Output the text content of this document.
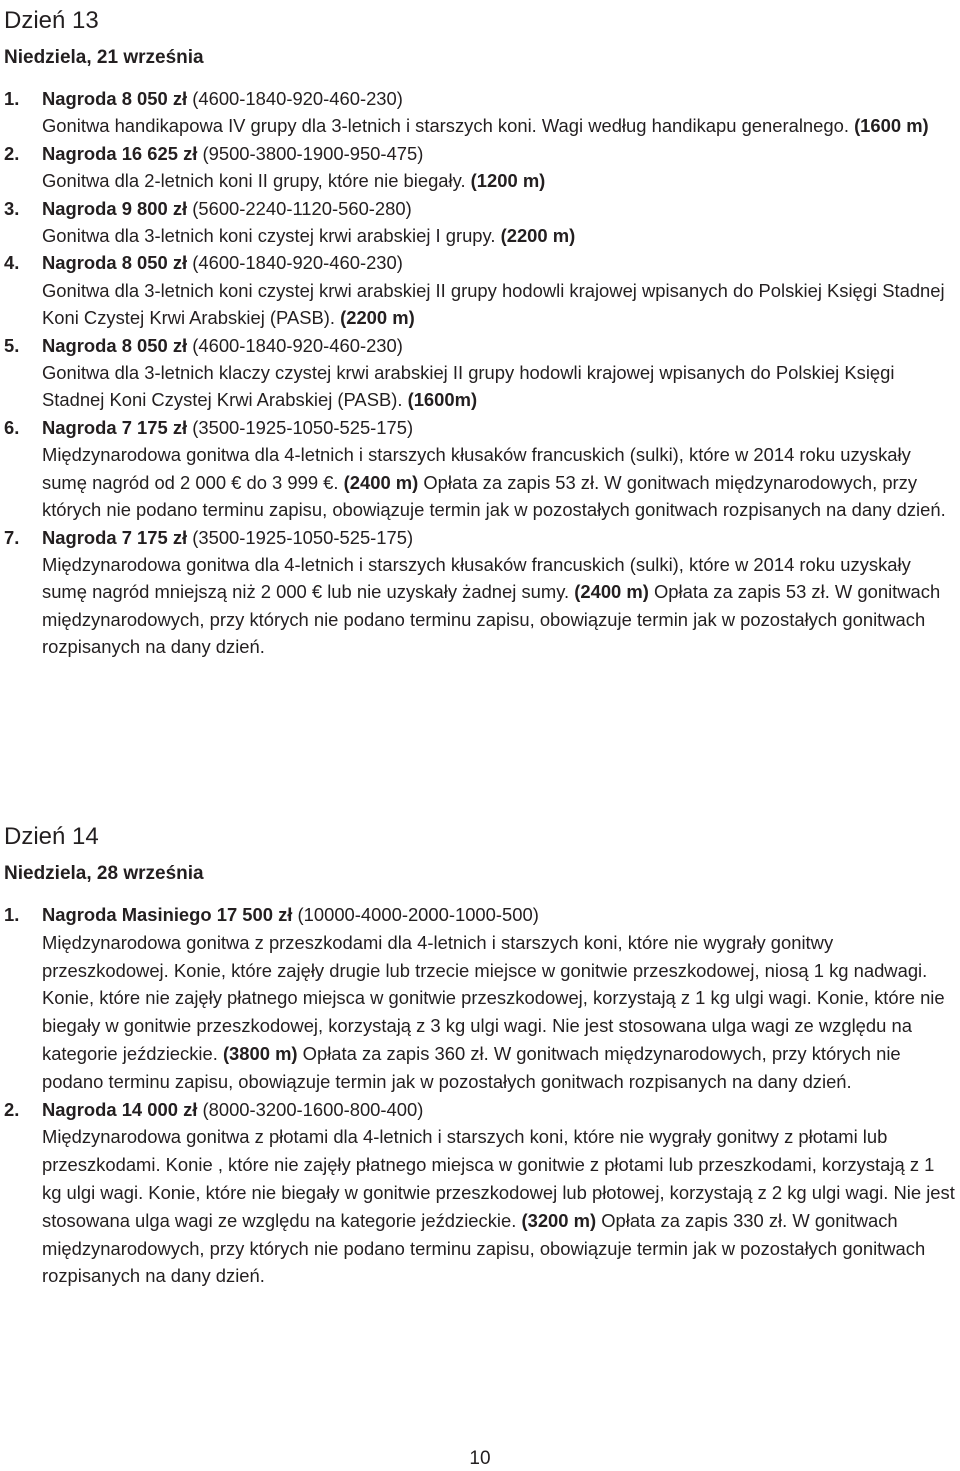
Dzień 13
Niedziela, 21 września
1.	Nagroda 8 050 zł (4600-1840-920-460-230)
Gonitwa handikapowa IV grupy dla 3-letnich i starszych koni. Wagi według handikapu generalnego. (1600 m)
2.	Nagroda 16 625 zł (9500-3800-1900-950-475)
Gonitwa dla 2-letnich koni II grupy, które nie biegały. (1200 m)
3.	Nagroda 9 800 zł (5600-2240-1120-560-280)
Gonitwa dla 3-letnich koni czystej krwi arabskiej I grupy. (2200 m)
4.	Nagroda 8 050 zł (4600-1840-920-460-230)
Gonitwa dla 3-letnich koni czystej krwi arabskiej II grupy hodowli krajowej wpisanych do Polskiej Księgi Stadnej Koni Czystej Krwi Arabskiej (PASB). (2200 m)
5.	Nagroda 8 050 zł (4600-1840-920-460-230)
Gonitwa dla 3-letnich klaczy czystej krwi arabskiej II grupy hodowli krajowej wpisanych do Polskiej Księgi Stadnej Koni Czystej Krwi Arabskiej (PASB). (1600m)
6.	Nagroda 7 175 zł (3500-1925-1050-525-175)
Międzynarodowa gonitwa dla 4-letnich i starszych kłusaków francuskich (sulki), które w 2014 roku uzyskały sumę nagród od 2 000 € do 3 999 €. (2400 m) Opłata za zapis 53 zł. W gonitwach międzynarodowych, przy których nie podano terminu zapisu, obowiązuje termin jak w pozostałych gonitwach rozpisanych na dany dzień.
7.	Nagroda 7 175 zł (3500-1925-1050-525-175)
Międzynarodowa gonitwa dla 4-letnich i starszych kłusaków francuskich (sulki), które w 2014 roku uzyskały sumę nagród mniejszą niż 2 000 € lub nie uzyskały żadnej sumy. (2400 m) Opłata za zapis 53 zł. W gonitwach międzynarodowych, przy których nie podano terminu zapisu, obowiązuje termin jak w pozostałych gonitwach rozpisanych na dany dzień.
Dzień 14
Niedziela, 28 września
1.	Nagroda Masiniego 17 500 zł (10000-4000-2000-1000-500)
Międzynarodowa gonitwa z przeszkodami dla 4-letnich i starszych koni, które nie wygrały gonitwy przeszkodowej. Konie, które zajęły drugie lub trzecie miejsce w gonitwie przeszkodowej, niosą 1 kg nadwagi. Konie, które nie zajęły płatnego miejsca w gonitwie przeszkodowej, korzystają z 1 kg ulgi wagi. Konie, które nie biegały w gonitwie przeszkodowej, korzystają z 3 kg ulgi wagi. Nie jest stosowana ulga wagi ze względu na kategorie jeździeckie. (3800 m) Opłata za zapis 360 zł. W gonitwach międzynarodowych, przy których nie podano terminu zapisu, obowiązuje termin jak w pozostałych gonitwach rozpisanych na dany dzień.
2.	Nagroda 14 000 zł (8000-3200-1600-800-400)
Międzynarodowa gonitwa z płotami dla 4-letnich i starszych koni, które nie wygrały gonitwy z płotami lub przeszkodami. Konie , które nie zajęły płatnego miejsca w gonitwie z płotami lub przeszkodami, korzystają z 1 kg ulgi wagi. Konie, które nie biegały w gonitwie przeszkodowej lub płotowej, korzystają z 2 kg ulgi wagi. Nie jest stosowana ulga wagi ze względu na kategorie jeździeckie. (3200 m) Opłata za zapis 330 zł. W gonitwach międzynarodowych, przy których nie podano terminu zapisu, obowiązuje termin jak w pozostałych gonitwach rozpisanych na dany dzień.
10
